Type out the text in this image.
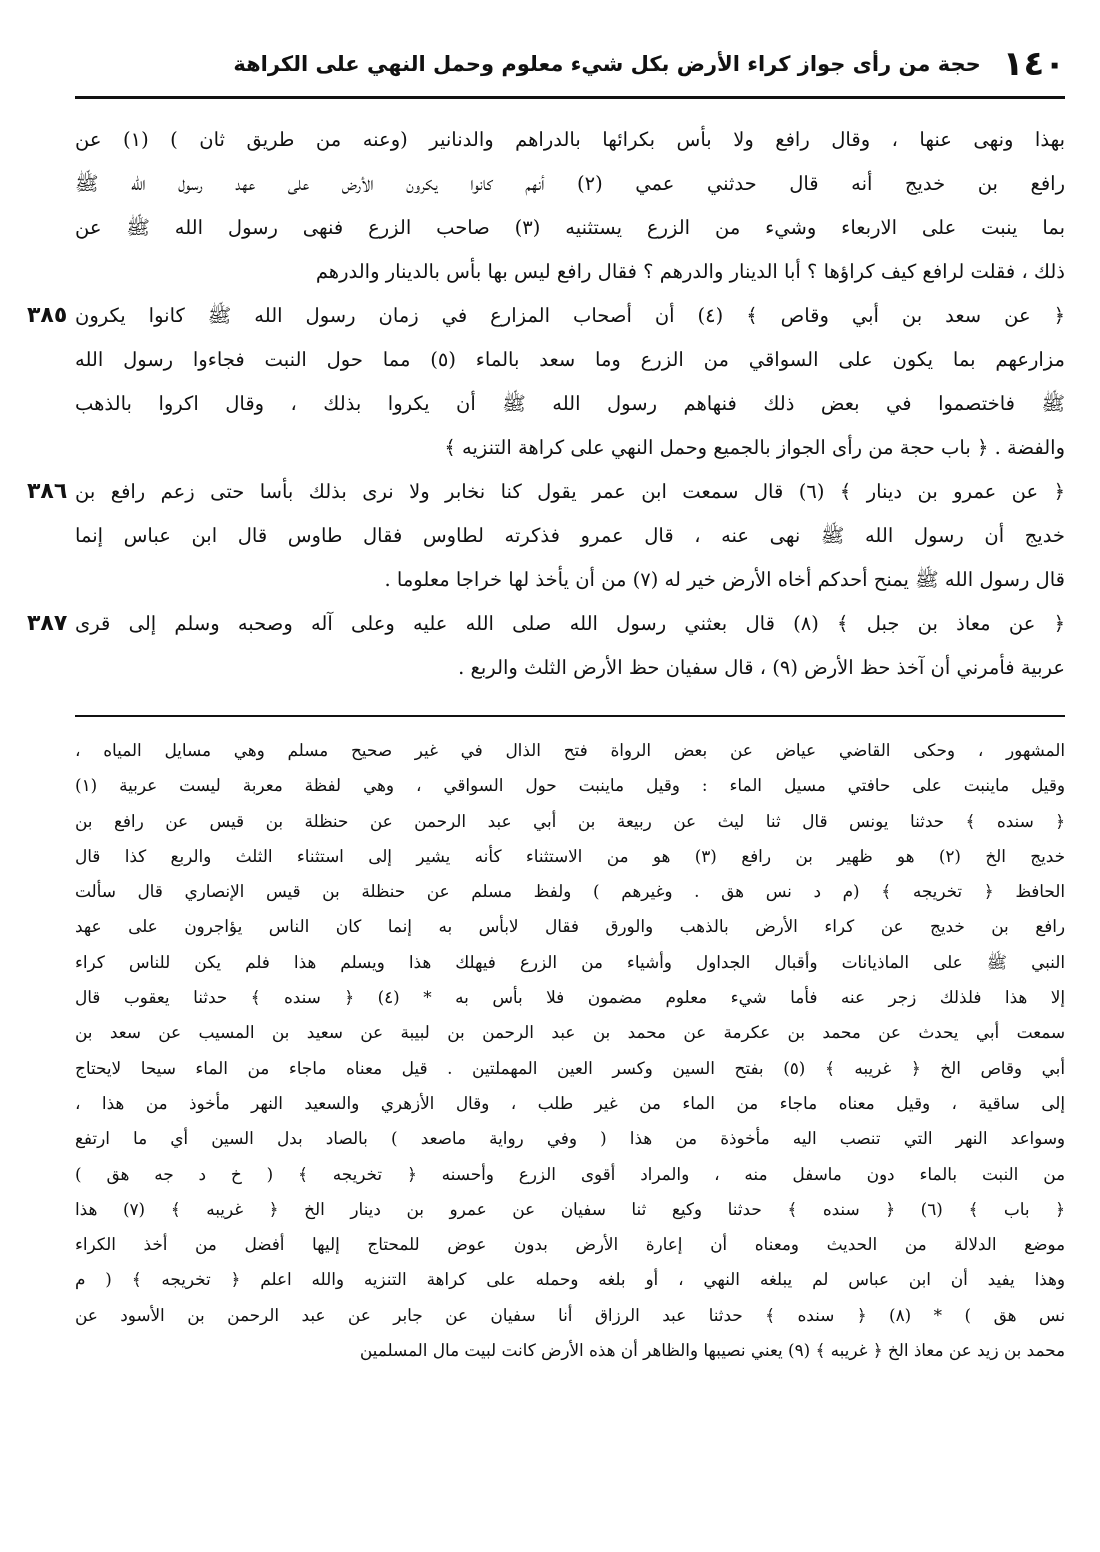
١٤٠
حجة من رأى جواز كراء الأرض بكل شيء معلوم وحمل النهي على الكراهة
بهذا ونهى عنها ، وقال رافع ولا بأس بكرائها بالدراهم والدنانير (وعنه من طريق ثان ) (١) عن
رافع بن خديج أنه قال حدثني عمي (٢) أنهم كانوا يكرون الأرض على عهد رسول الله ﷺ
بما ينبت على الاربعاء وشيء من الزرع يستثنيه (٣) صاحب الزرع فنهى رسول الله ﷺ عن
ذلك ، فقلت لرافع كيف كراؤها ؟ أبا الدينار والدرهم ؟ فقال رافع ليس بها بأس بالدينار والدرهم
٣٨٥ ﴿ عن سعد بن أبي وقاص ﴾ (٤) أن أصحاب المزارع في زمان رسول الله ﷺ كانوا يكرون
مزارعهم بما يكون على السواقي من الزرع وما سعد بالماء (٥) مما حول النبت فجاءوا رسول الله
ﷺ فاختصموا في بعض ذلك فنهاهم رسول الله ﷺ أن يكروا بذلك ، وقال اكروا بالذهب
والفضة . ﴿ باب حجة من رأى الجواز بالجميع وحمل النهي على كراهة التنزيه ﴾
٣٨٦ ﴿ عن عمرو بن دينار ﴾ (٦) قال سمعت ابن عمر يقول كنا نخابر ولا نرى بذلك بأسا حتى زعم رافع بن
خديج أن رسول الله ﷺ نهى عنه ، قال عمرو فذكرته لطاوس فقال طاوس قال ابن عباس إنما
قال رسول الله ﷺ يمنح أحدكم أخاه الأرض خير له (٧) من أن يأخذ لها خراجا معلوما .
٣٨٧ ﴿ عن معاذ بن جبل ﴾ (٨) قال بعثني رسول الله صلى الله عليه وعلى آله وصحبه وسلم إلى قرى
عربية فأمرني أن آخذ حظ الأرض (٩) ، قال سفيان حظ الأرض الثلث والربع .
المشهور ، وحكى القاضي عياض عن بعض الرواة فتح الذال في غير صحيح مسلم وهي مسايل المياه ،
وقيل ماينبت على حافتي مسيل الماء : وقيل ماينبت حول السواقي ، وهي لفظة معربة ليست عربية (١)
﴿ سنده ﴾ حدثنا يونس قال ثنا ليث عن ربيعة بن أبي عبد الرحمن عن حنظلة بن قيس عن رافع بن
خديج الخ (٢) هو ظهير بن رافع (٣) هو من الاستثناء كأنه يشير إلى استثناء الثلث والربع كذا قال
الحافظ ﴿ تخريجه ﴾ (م د نس هق . وغيرهم ) ولفظ مسلم عن حنظلة بن قيس الإنصاري قال سألت
رافع بن خديج عن كراء الأرض بالذهب والورق فقال لابأس به إنما كان الناس يؤاجرون على عهد
النبي ﷺ على الماذيانات وأقبال الجداول وأشياء من الزرع فيهلك هذا ويسلم هذا فلم يكن للناس كراء
إلا هذا فلذلك زجر عنه فأما شيء معلوم مضمون فلا بأس به * (٤) ﴿ سنده ﴾ حدثنا يعقوب قال
سمعت أبي يحدث عن محمد بن عكرمة عن محمد بن عبد الرحمن بن لبيبة عن سعيد بن المسيب عن سعد بن
أبي وقاص الخ ﴿ غريبه ﴾ (٥) بفتح السين وكسر العين المهملتين . قيل معناه ماجاء من الماء سيحا لايحتاج
إلى ساقية ، وقيل معناه ماجاء من الماء من غير طلب ، وقال الأزهري والسعيد النهر مأخوذ من هذا ،
وسواعد النهر التي تنصب اليه مأخوذة من هذا ( وفي رواية ماصعد ) بالصاد بدل السين أي ما ارتفع
من النبت بالماء دون ماسفل منه ، والمراد أقوى الزرع وأحسنه ﴿ تخريجه ﴾ ( خ د جه هق )
﴿ باب ﴾ (٦) ﴿ سنده ﴾ حدثنا وكيع ثنا سفيان عن عمرو بن دينار الخ ﴿ غريبه ﴾ (٧) هذا
موضع الدلالة من الحديث ومعناه أن إعارة الأرض بدون عوض للمحتاج إليها أفضل من أخذ الكراء
وهذا يفيد أن ابن عباس لم يبلغه النهي ، أو بلغه وحمله على كراهة التنزيه والله اعلم ﴿ تخريجه ﴾ ( م
نس هق ) * (٨) ﴿ سنده ﴾ حدثنا عبد الرزاق أنا سفيان عن جابر عن عبد الرحمن بن الأسود عن
محمد بن زيد عن معاذ الخ ﴿ غريبه ﴾ (٩) يعني نصيبها والظاهر أن هذه الأرض كانت لبيت مال المسلمين
